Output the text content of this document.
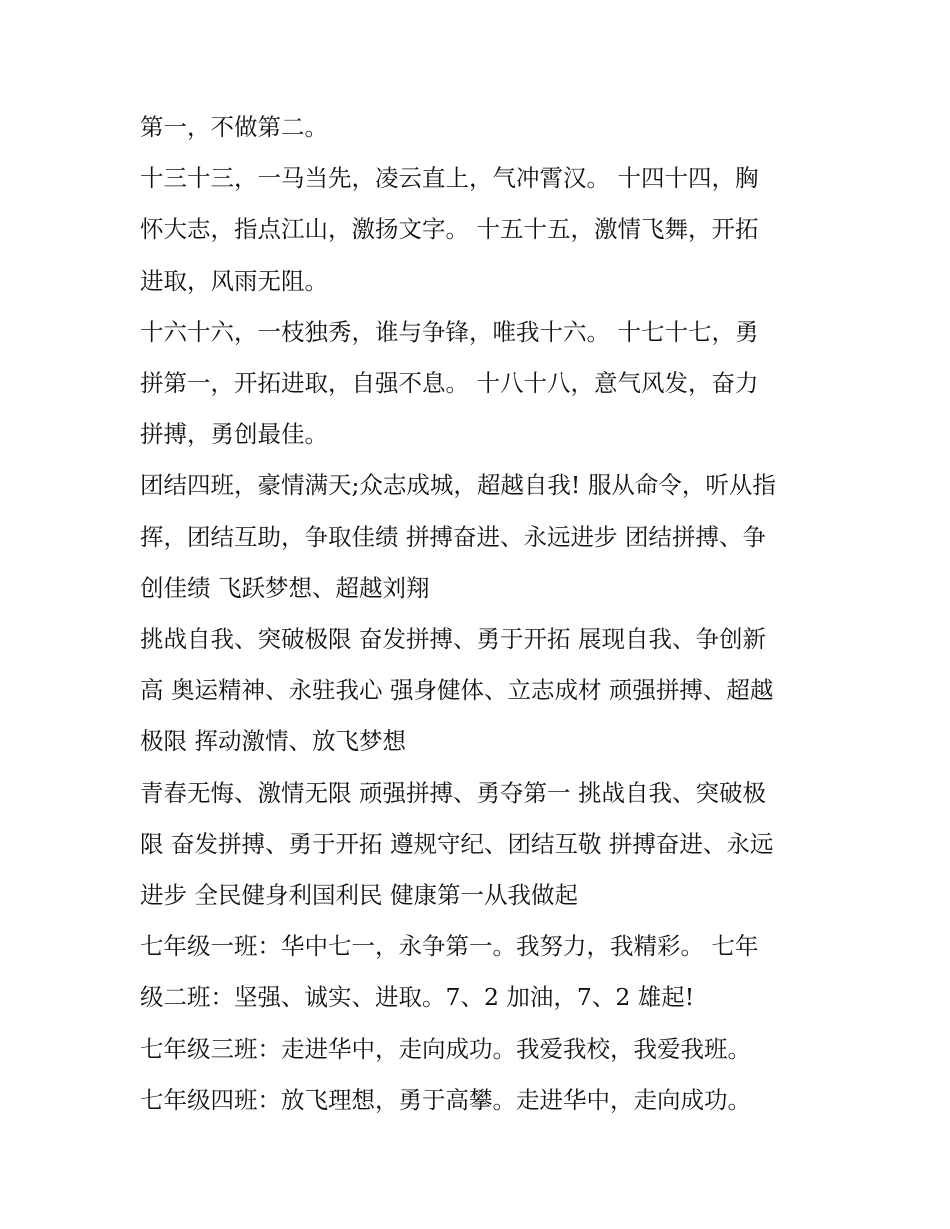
第一，不做第二。

十三十三，一马当先，凌云直上，气冲霄汉。 十四十四，胸
怀大志，指点江山，激扬文字。 十五十五，激情飞舞，开拓
进取，风雨无阻。

十六十六，一枝独秀，谁与争锋，唯我十六。 十七十七，勇
拼第一，开拓进取，自强不息。 十八十八，意气风发，奋力
拼搏，勇创最佳。

团结四班，豪情满天;众志成城，超越自我! 服从命令，听从指
挥，团结互助，争取佳绩 拼搏奋进、永远进步 团结拼搏、争
创佳绩 飞跃梦想、超越刘翔

挑战自我、突破极限 奋发拼搏、勇于开拓 展现自我、争创新
高 奥运精神、永驻我心 强身健体、立志成材 顽强拼搏、超越
极限 挥动激情、放飞梦想

青春无悔、激情无限 顽强拼搏、勇夺第一 挑战自我、突破极
限 奋发拼搏、勇于开拓 遵规守纪、团结互敬 拼搏奋进、永远
进步 全民健身利国利民 健康第一从我做起

七年级一班：华中七一，永争第一。我努力，我精彩。 七年
级二班：坚强、诚实、进取。7、2 加油，7、2 雄起!

七年级三班：走进华中，走向成功。我爱我校，我爱我班。

七年级四班：放飞理想，勇于高攀。走进华中，走向成功。
